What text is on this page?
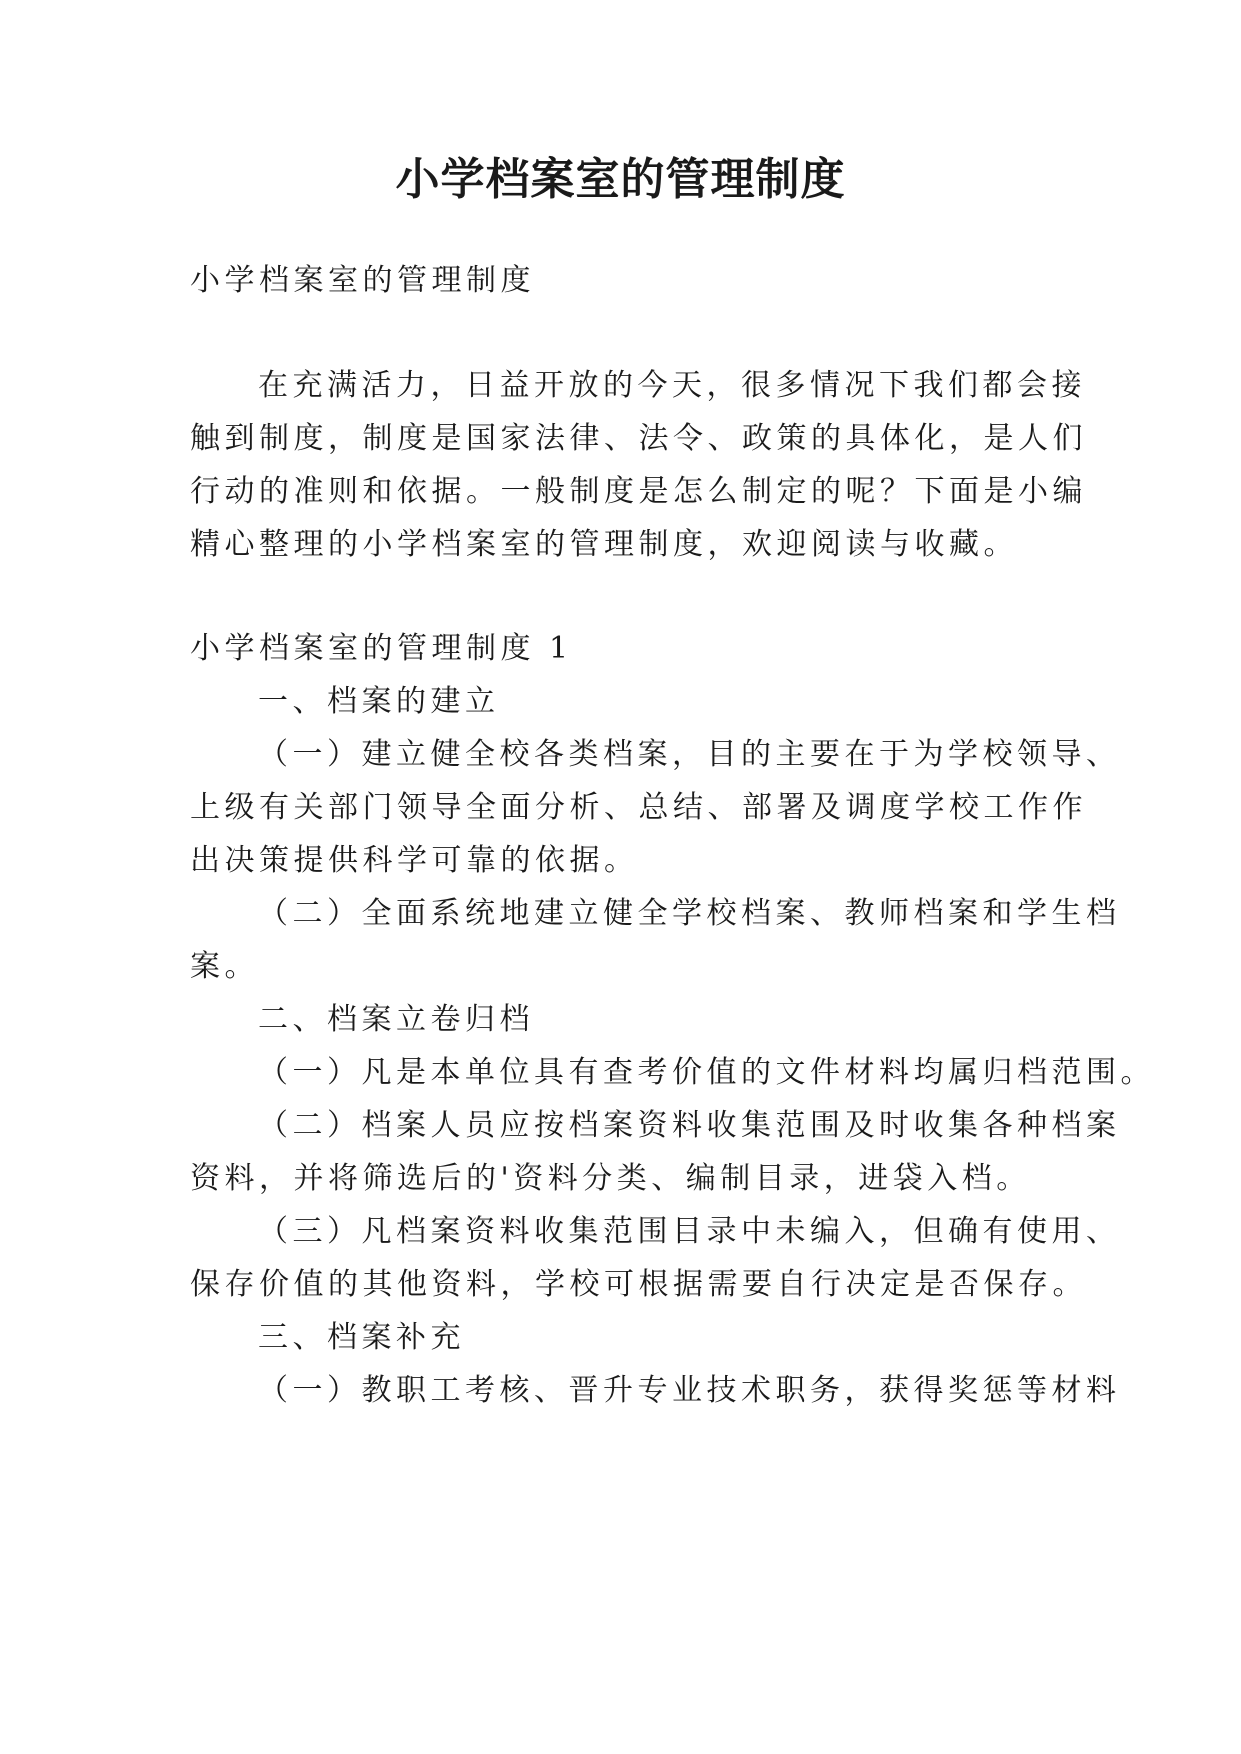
小学档案室的管理制度

小学档案室的管理制度

在充满活力，日益开放的今天，很多情况下我们都会接

触到制度，制度是国家法律、法令、政策的具体化，是人们

行动的准则和依据。一般制度是怎么制定的呢？下面是小编

精心整理的小学档案室的管理制度，欢迎阅读与收藏。

小学档案室的管理制度 1

一、档案的建立

（一）建立健全校各类档案，目的主要在于为学校领导、

上级有关部门领导全面分析、总结、部署及调度学校工作作

出决策提供科学可靠的依据。

（二）全面系统地建立健全学校档案、教师档案和学生档

案。

二、档案立卷归档

（一）凡是本单位具有查考价值的文件材料均属归档范围。

（二）档案人员应按档案资料收集范围及时收集各种档案

资料，并将筛选后的'资料分类、编制目录，进袋入档。

（三）凡档案资料收集范围目录中未编入，但确有使用、

保存价值的其他资料，学校可根据需要自行决定是否保存。

三、档案补充

（一）教职工考核、晋升专业技术职务，获得奖惩等材料
